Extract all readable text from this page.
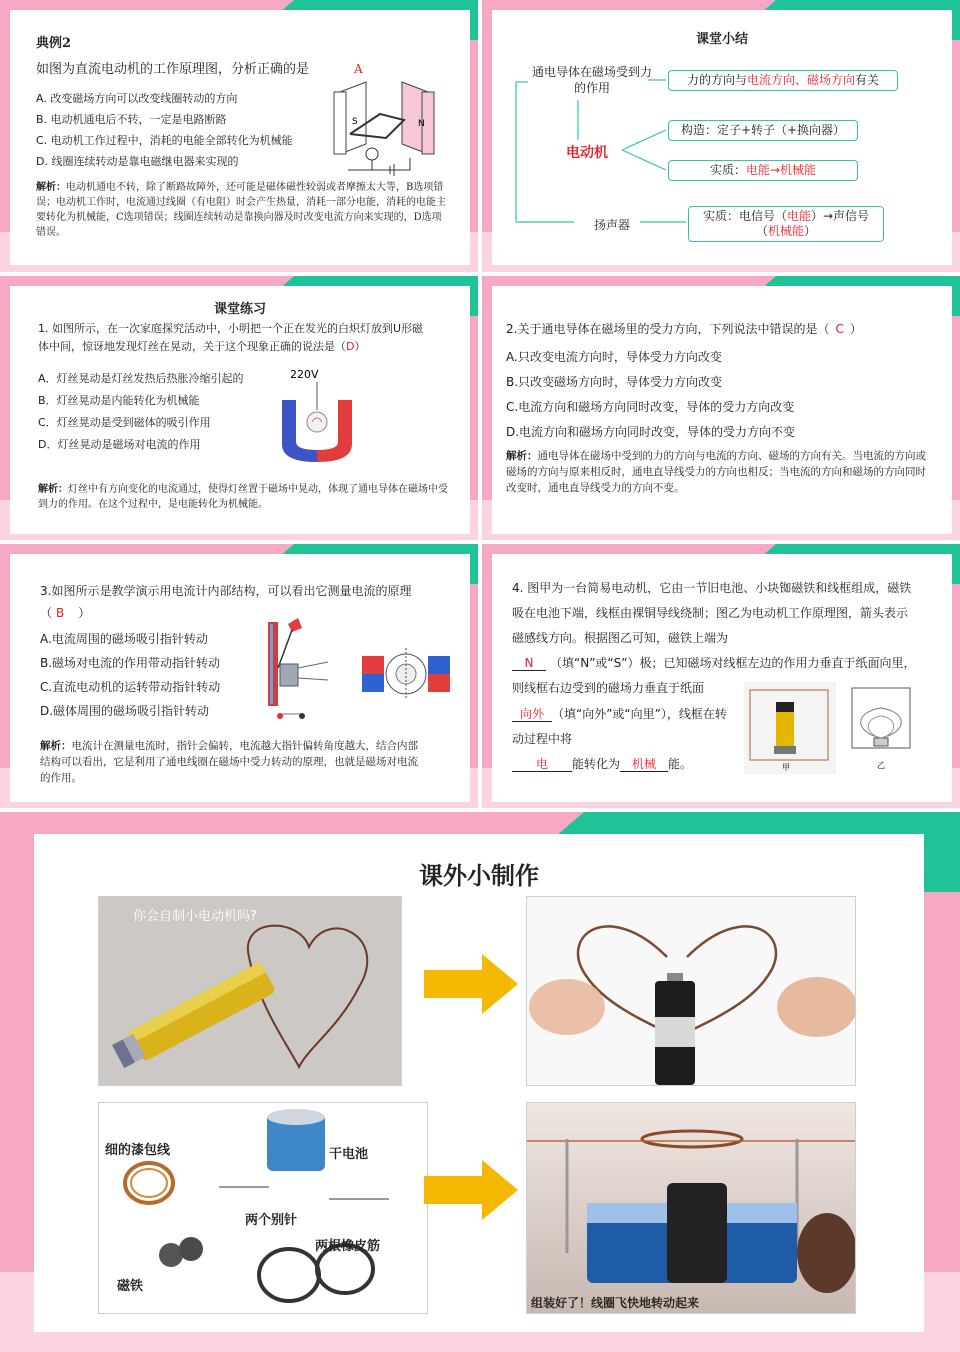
典例2
如图为直流电动机的工作原理图，分析正确的是	A
A. 改变磁场方向可以改变线圈转动的方向
B. 电动机通电后不转，一定是电路断路
C. 电动机工作过程中，消耗的电能全部转化为机械能
D. 线圈连续转动是靠电磁继电器来实现的
S	N
解析：电动机通电不转，除了断路故障外，还可能是磁体磁性较弱或者摩擦太大等，B选项错误；电动机工作时，电流通过线圈（有电阻）时会产生热量，消耗一部分电能，消耗的电能主要转化为机械能，C选项错误；线圈连续转动是靠换向器及时改变电流方向来实现的，D选项错误。
课堂小结
通电导体在磁场受到力的作用
力的方向与电流方向、磁场方向有关
电动机
构造：定子+转子（+换向器）
实质：电能→机械能
扬声器
实质：电信号（电能）→声信号（机械能）
课堂练习
1. 如图所示，在一次家庭探究活动中，小明把一个正在发光的白炽灯放到U形磁体中间，惊讶地发现灯丝在晃动，关于这个现象正确的说法是（D）
A．灯丝晃动是灯丝发热后热胀冷缩引起的
B．灯丝晃动是内能转化为机械能
C．灯丝晃动是受到磁体的吸引作用
D．灯丝晃动是磁场对电流的作用
220V
解析：灯丝中有方向变化的电流通过，使得灯丝置于磁场中晃动，体现了通电导体在磁场中受到力的作用。在这个过程中，是电能转化为机械能。
2.关于通电导体在磁场里的受力方向，下列说法中错误的是（ C ）
A.只改变电流方向时，导体受力方向改变
B.只改变磁场方向时，导体受力方向改变
C.电流方向和磁场方向同时改变，导体的受力方向改变
D.电流方向和磁场方向同时改变，导体的受力方向不变
解析：通电导体在磁场中受到的力的方向与电流的方向、磁场的方向有关。当电流的方向或磁场的方向与原来相反时，通电直导线受力的方向也相反；当电流的方向和磁场的方向同时改变时，通电直导线受力的方向不变。
3.如图所示是教学演示用电流计内部结构，可以看出它测量电流的原理（ B ）
A.电流周围的磁场吸引指针转动
B.磁场对电流的作用带动指针转动
C.直流电动机的运转带动指针转动
D.磁体周围的磁场吸引指针转动
解析：电流计在测量电流时，指针会偏转，电流越大指针偏转角度越大，结合内部结构可以看出，它是利用了通电线圈在磁场中受力转动的原理，也就是磁场对电流的作用。
4. 图甲为一台简易电动机，它由一节旧电池、小块铷磁铁和线框组成，磁铁吸在电池下端，线框由裸铜导线绕制；图乙为电动机工作原理图，箭头表示磁感线方向。根据图乙可知，磁铁上端为
N （填“N”或“S”）极；已知磁场对线框左边的作用力垂直于纸面向里，则线框右边受到的磁场力垂直于纸面
向外 （填“向外”或“向里”），线框在转动过程中将
电 能转化为 机械 能。	甲	乙
课外小制作
你会自制小电动机吗?
细的漆包线	干电池
两个别针
两根橡皮筋
磁铁
组装好了！线圈飞快地转动起来
